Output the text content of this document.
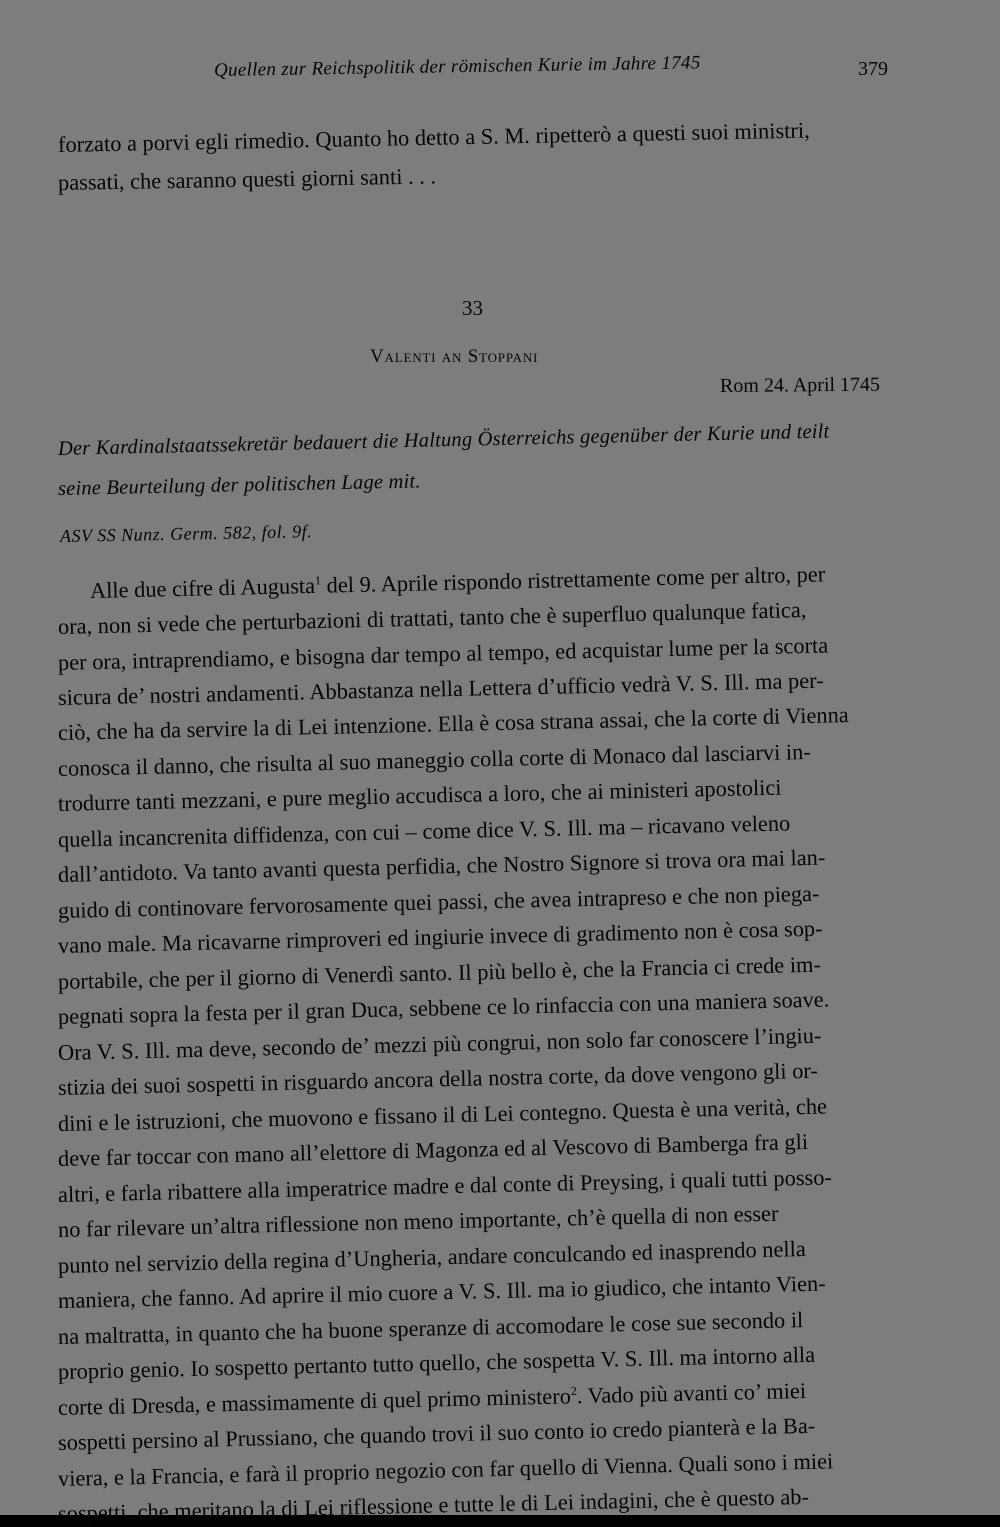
Quellen zur Reichspolitik der römischen Kurie im Jahre 1745	379
forzato a porvi egli rimedio. Quanto ho detto a S. M. ripetterò a questi suoi ministri,
passati, che saranno questi giorni santi . . .
33
Valenti an Stoppani
Rom 24. April 1745
Der Kardinalstaatssekretär bedauert die Haltung Österreichs gegenüber der Kurie und teilt
seine Beurteilung der politischen Lage mit.
ASV SS Nunz. Germ. 582, fol. 9f.
Alle due cifre di Augusta$^1$ del 9. Aprile rispondo ristrettamente come per altro, per
ora, non si vede che perturbazioni di trattati, tanto che è superfluo qualunque fatica,
per ora, intraprendiamo, e bisogna dar tempo al tempo, ed acquistar lume per la scorta
sicura de’ nostri andamenti. Abbastanza nella Lettera d’ufficio vedrà V. S. Ill. ma per-
ciò, che ha da servire la di Lei intenzione. Ella è cosa strana assai, che la corte di Vienna
conosca il danno, che risulta al suo maneggio colla corte di Monaco dal lasciarvi in-
trodurre tanti mezzani, e pure meglio accudisca a loro, che ai ministeri apostolici
quella incancrenita diffidenza, con cui – come dice V. S. Ill. ma – ricavano veleno
dall’antidoto. Va tanto avanti questa perfidia, che Nostro Signore si trova ora mai lan-
guido di continovare fervorosamente quei passi, che avea intrapreso e che non piega-
vano male. Ma ricavarne rimproveri ed ingiurie invece di gradimento non è cosa sop-
portabile, che per il giorno di Venerdì santo. Il più bello è, che la Francia ci crede im-
pegnati sopra la festa per il gran Duca, sebbene ce lo rinfaccia con una maniera soave.
Ora V. S. Ill. ma deve, secondo de’ mezzi più congrui, non solo far conoscere l’ingiu-
stizia dei suoi sospetti in risguardo ancora della nostra corte, da dove vengono gli or-
dini e le istruzioni, che muovono e fissano il di Lei contegno. Questa è una verità, che
deve far toccar con mano all’elettore di Magonza ed al Vescovo di Bamberga fra gli
altri, e farla ribattere alla imperatrice madre e dal conte di Preysing, i quali tutti posso-
no far rilevare un’altra riflessione non meno importante, ch’è quella di non esser
punto nel servizio della regina d’Ungheria, andare conculcando ed inasprendo nella
maniera, che fanno. Ad aprire il mio cuore a V. S. Ill. ma io giudico, che intanto Vien-
na maltratta, in quanto che ha buone speranze di accomodare le cose sue secondo il
proprio genio. Io sospetto pertanto tutto quello, che sospetta V. S. Ill. ma intorno alla
corte di Dresda, e massimamente di quel primo ministero$^2$. Vado più avanti co’ miei
sospetti persino al Prussiano, che quando trovi il suo conto io credo pianterà e la Ba-
viera, e la Francia, e farà il proprio negozio con far quello di Vienna. Quali sono i miei
sospetti, che meritano la di Lei riflessione e tutte le di Lei indagini, che è questo ab-
